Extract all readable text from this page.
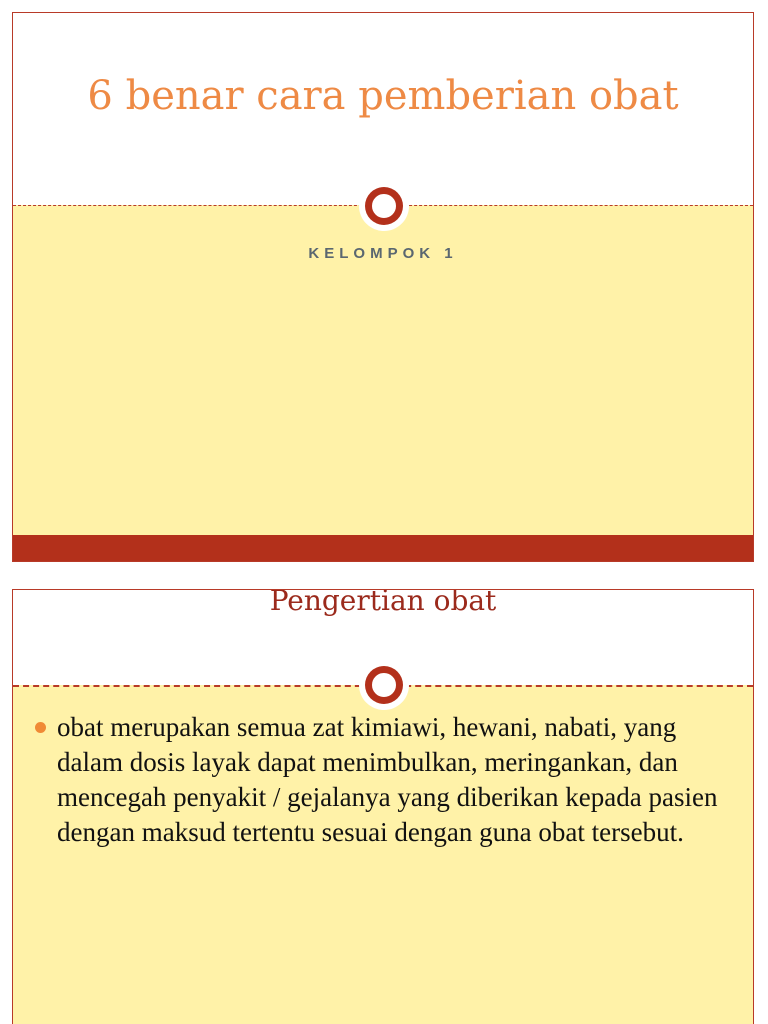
6 benar cara pemberian obat

KELOMPOK 1

Pengertian obat
obat merupakan semua zat kimiawi, hewani, nabati, yang dalam dosis layak dapat menimbulkan, meringankan, dan mencegah penyakit / gejalanya yang diberikan kepada pasien dengan maksud tertentu sesuai dengan guna obat tersebut.
